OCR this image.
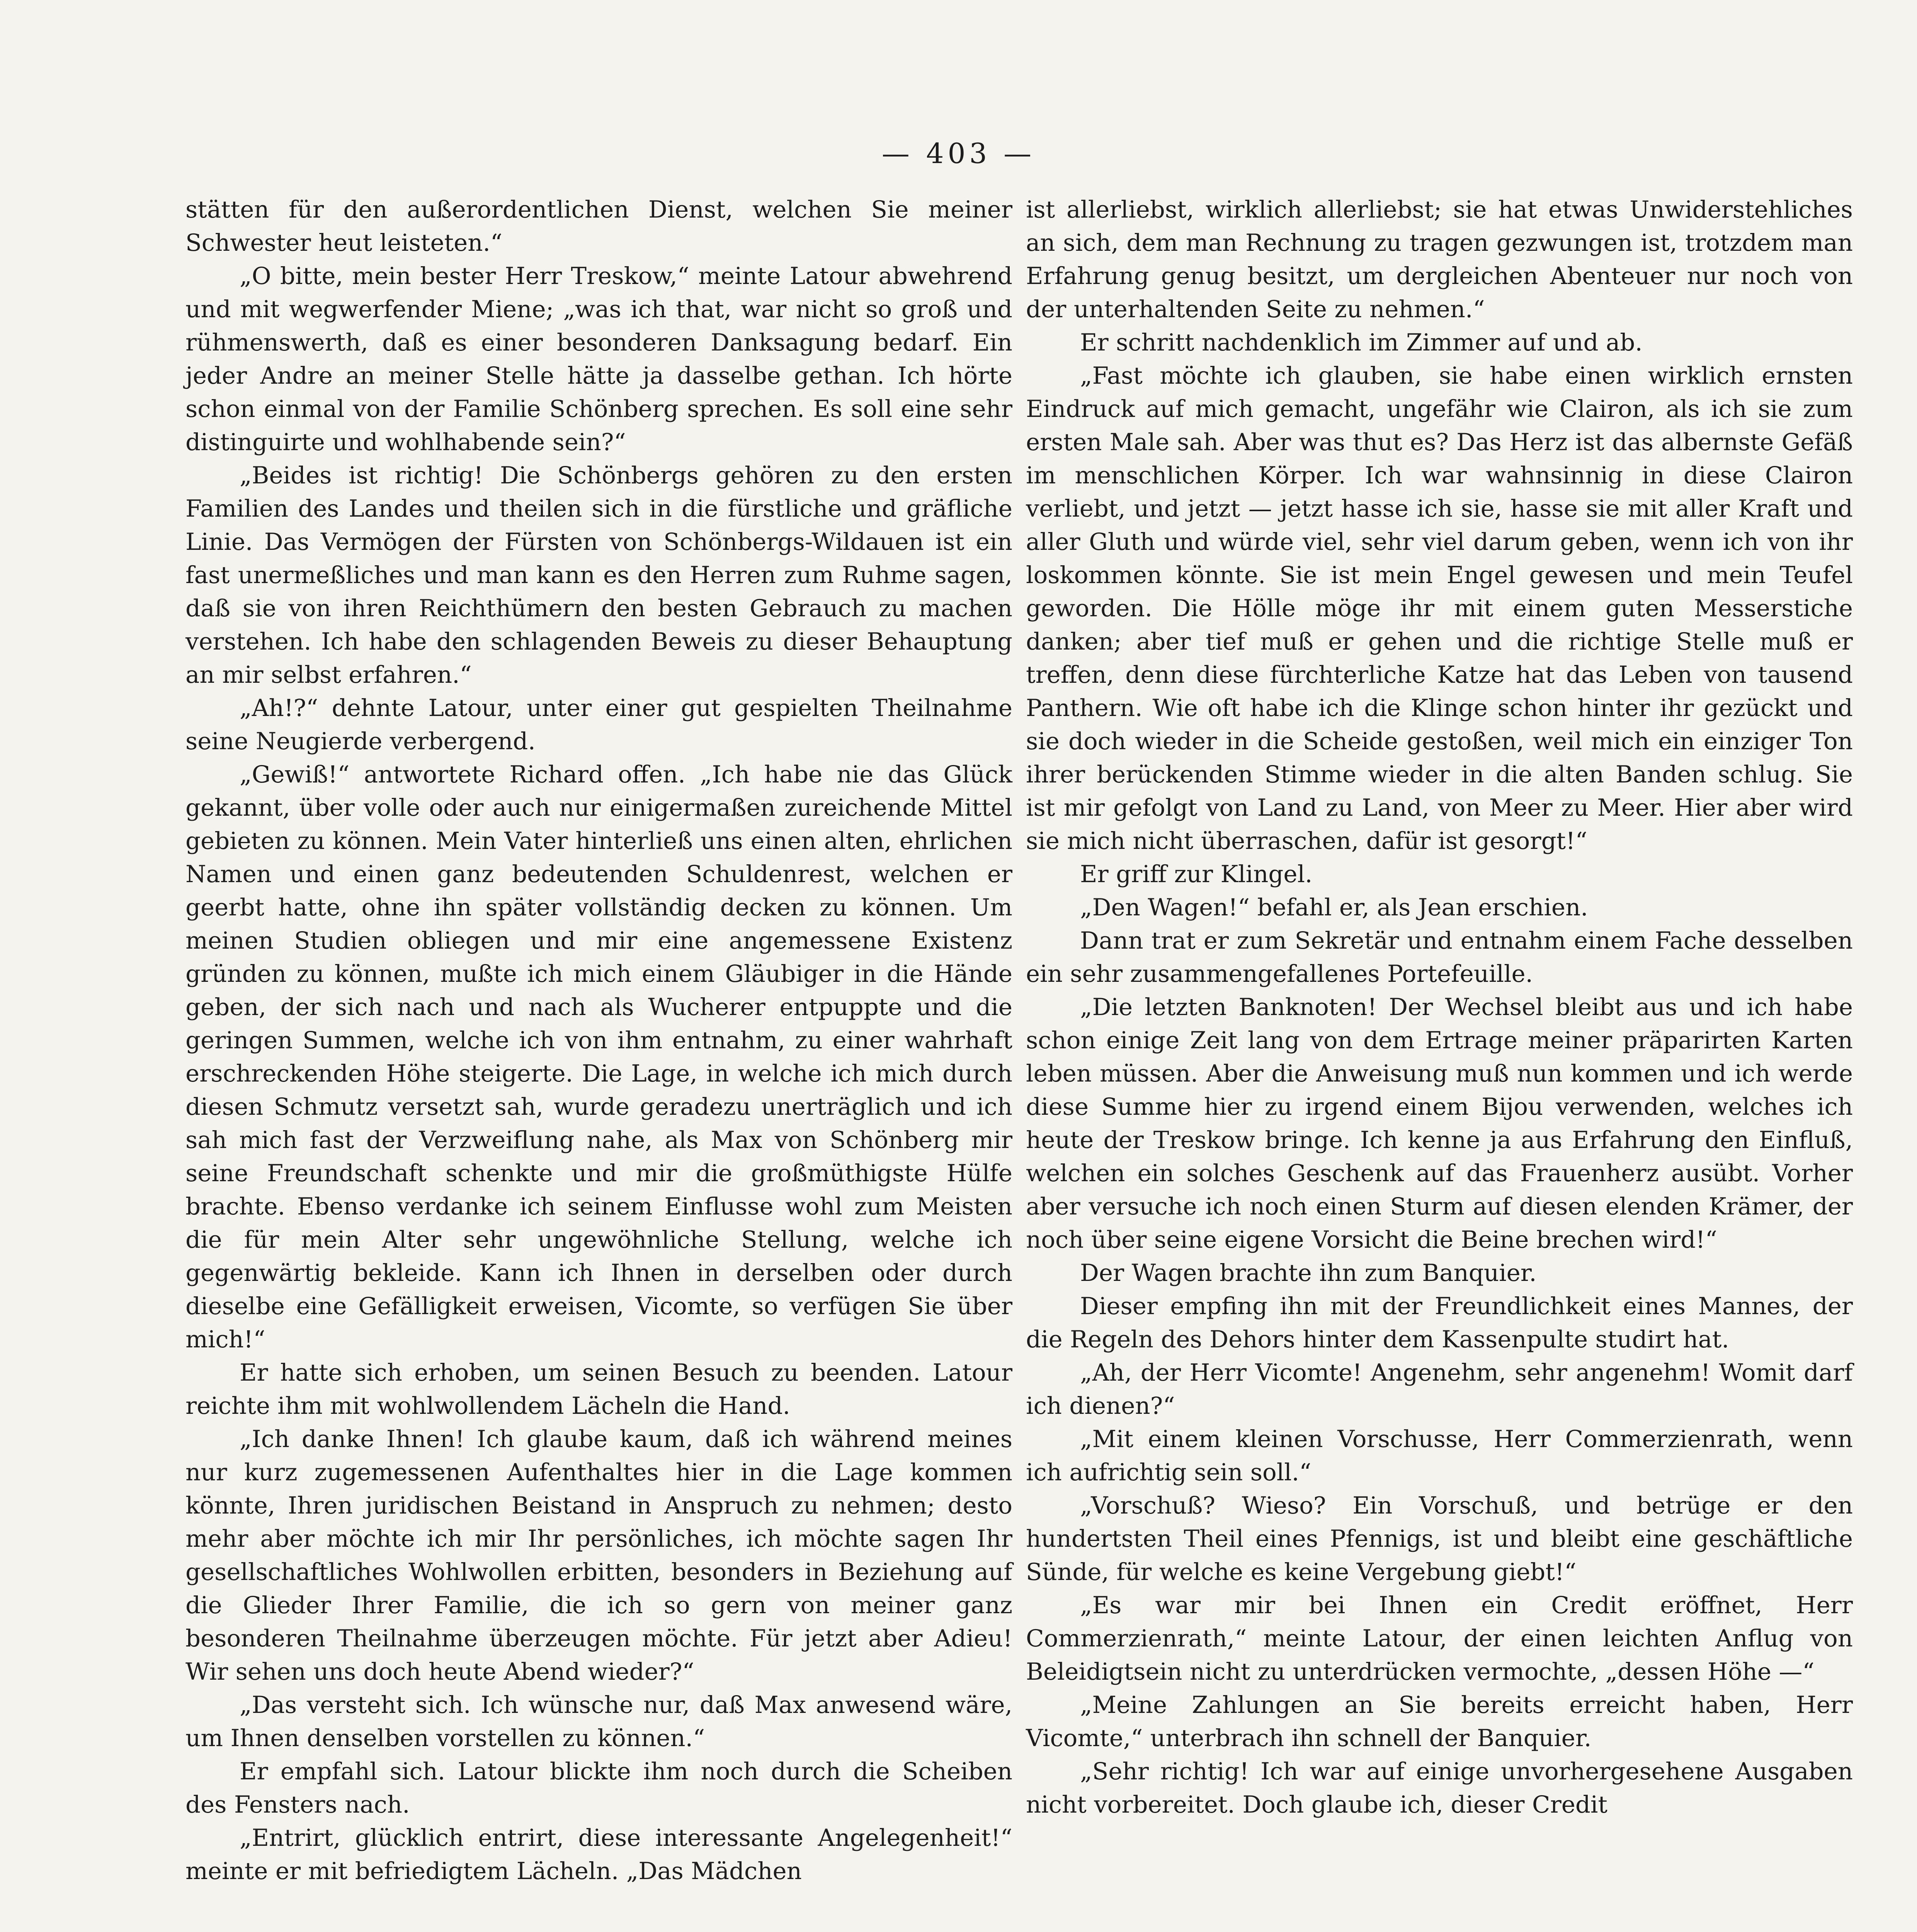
— 403 —

stätten für den außerordentlichen Dienst, welchen Sie meiner Schwester heut leisteten.“

„O bitte, mein bester Herr Treskow,“ meinte Latour abwehrend und mit wegwerfender Miene; „was ich that, war nicht so groß und rühmenswerth, daß es einer besonderen Danksagung bedarf. Ein jeder Andre an meiner Stelle hätte ja dasselbe gethan. Ich hörte schon einmal von der Familie Schönberg sprechen. Es soll eine sehr distinguirte und wohlhabende sein?“

„Beides ist richtig! Die Schönbergs gehören zu den ersten Familien des Landes und theilen sich in die fürstliche und gräfliche Linie. Das Vermögen der Fürsten von Schönbergs-Wildauen ist ein fast unermeßliches und man kann es den Herren zum Ruhme sagen, daß sie von ihren Reichthümern den besten Gebrauch zu machen verstehen. Ich habe den schlagenden Beweis zu dieser Behauptung an mir selbst erfahren.“

„Ah!?“ dehnte Latour, unter einer gut gespielten Theilnahme seine Neugierde verbergend.

„Gewiß!“ antwortete Richard offen. „Ich habe nie das Glück gekannt, über volle oder auch nur einigermaßen zureichende Mittel gebieten zu können. Mein Vater hinterließ uns einen alten, ehrlichen Namen und einen ganz bedeutenden Schuldenrest, welchen er geerbt hatte, ohne ihn später vollständig decken zu können. Um meinen Studien obliegen und mir eine angemessene Existenz gründen zu können, mußte ich mich einem Gläubiger in die Hände geben, der sich nach und nach als Wucherer entpuppte und die geringen Summen, welche ich von ihm entnahm, zu einer wahrhaft erschreckenden Höhe steigerte. Die Lage, in welche ich mich durch diesen Schmutz versetzt sah, wurde geradezu unerträglich und ich sah mich fast der Verzweiflung nahe, als Max von Schönberg mir seine Freundschaft schenkte und mir die großmüthigste Hülfe brachte. Ebenso verdanke ich seinem Einflusse wohl zum Meisten die für mein Alter sehr ungewöhnliche Stellung, welche ich gegenwärtig bekleide. Kann ich Ihnen in derselben oder durch dieselbe eine Gefälligkeit erweisen, Vicomte, so verfügen Sie über mich!“

Er hatte sich erhoben, um seinen Besuch zu beenden. Latour reichte ihm mit wohlwollendem Lächeln die Hand.

„Ich danke Ihnen! Ich glaube kaum, daß ich während meines nur kurz zugemessenen Aufenthaltes hier in die Lage kommen könnte, Ihren juridischen Beistand in Anspruch zu nehmen; desto mehr aber möchte ich mir Ihr persönliches, ich möchte sagen Ihr gesellschaftliches Wohlwollen erbitten, besonders in Beziehung auf die Glieder Ihrer Familie, die ich so gern von meiner ganz besonderen Theilnahme überzeugen möchte. Für jetzt aber Adieu! Wir sehen uns doch heute Abend wieder?“

„Das versteht sich. Ich wünsche nur, daß Max anwesend wäre, um Ihnen denselben vorstellen zu können.“

Er empfahl sich. Latour blickte ihm noch durch die Scheiben des Fensters nach.

„Entrirt, glücklich entrirt, diese interessante Angelegenheit!“ meinte er mit befriedigtem Lächeln. „Das Mädchen

ist allerliebst, wirklich allerliebst; sie hat etwas Unwiderstehliches an sich, dem man Rechnung zu tragen gezwungen ist, trotzdem man Erfahrung genug besitzt, um dergleichen Abenteuer nur noch von der unterhaltenden Seite zu nehmen.“

Er schritt nachdenklich im Zimmer auf und ab.

„Fast möchte ich glauben, sie habe einen wirklich ernsten Eindruck auf mich gemacht, ungefähr wie Clairon, als ich sie zum ersten Male sah. Aber was thut es? Das Herz ist das albernste Gefäß im menschlichen Körper. Ich war wahnsinnig in diese Clairon verliebt, und jetzt — jetzt hasse ich sie, hasse sie mit aller Kraft und aller Gluth und würde viel, sehr viel darum geben, wenn ich von ihr loskommen könnte. Sie ist mein Engel gewesen und mein Teufel geworden. Die Hölle möge ihr mit einem guten Messerstiche danken; aber tief muß er gehen und die richtige Stelle muß er treffen, denn diese fürchterliche Katze hat das Leben von tausend Panthern. Wie oft habe ich die Klinge schon hinter ihr gezückt und sie doch wieder in die Scheide gestoßen, weil mich ein einziger Ton ihrer berückenden Stimme wieder in die alten Banden schlug. Sie ist mir gefolgt von Land zu Land, von Meer zu Meer. Hier aber wird sie mich nicht überraschen, dafür ist gesorgt!“

Er griff zur Klingel.

„Den Wagen!“ befahl er, als Jean erschien.

Dann trat er zum Sekretär und entnahm einem Fache desselben ein sehr zusammengefallenes Portefeuille.

„Die letzten Banknoten! Der Wechsel bleibt aus und ich habe schon einige Zeit lang von dem Ertrage meiner präparirten Karten leben müssen. Aber die Anweisung muß nun kommen und ich werde diese Summe hier zu irgend einem Bijou verwenden, welches ich heute der Treskow bringe. Ich kenne ja aus Erfahrung den Einfluß, welchen ein solches Geschenk auf das Frauenherz ausübt. Vorher aber versuche ich noch einen Sturm auf diesen elenden Krämer, der noch über seine eigene Vorsicht die Beine brechen wird!“

Der Wagen brachte ihn zum Banquier.

Dieser empfing ihn mit der Freundlichkeit eines Mannes, der die Regeln des Dehors hinter dem Kassenpulte studirt hat.

„Ah, der Herr Vicomte! Angenehm, sehr angenehm! Womit darf ich dienen?“

„Mit einem kleinen Vorschusse, Herr Commerzienrath, wenn ich aufrichtig sein soll.“

„Vorschuß? Wieso? Ein Vorschuß, und betrüge er den hundertsten Theil eines Pfennigs, ist und bleibt eine geschäftliche Sünde, für welche es keine Vergebung giebt!“

„Es war mir bei Ihnen ein Credit eröffnet, Herr Commerzienrath,“ meinte Latour, der einen leichten Anflug von Beleidigtsein nicht zu unterdrücken vermochte, „dessen Höhe —“

„Meine Zahlungen an Sie bereits erreicht haben, Herr Vicomte,“ unterbrach ihn schnell der Banquier.

„Sehr richtig! Ich war auf einige unvorhergesehene Ausgaben nicht vorbereitet. Doch glaube ich, dieser Credit
